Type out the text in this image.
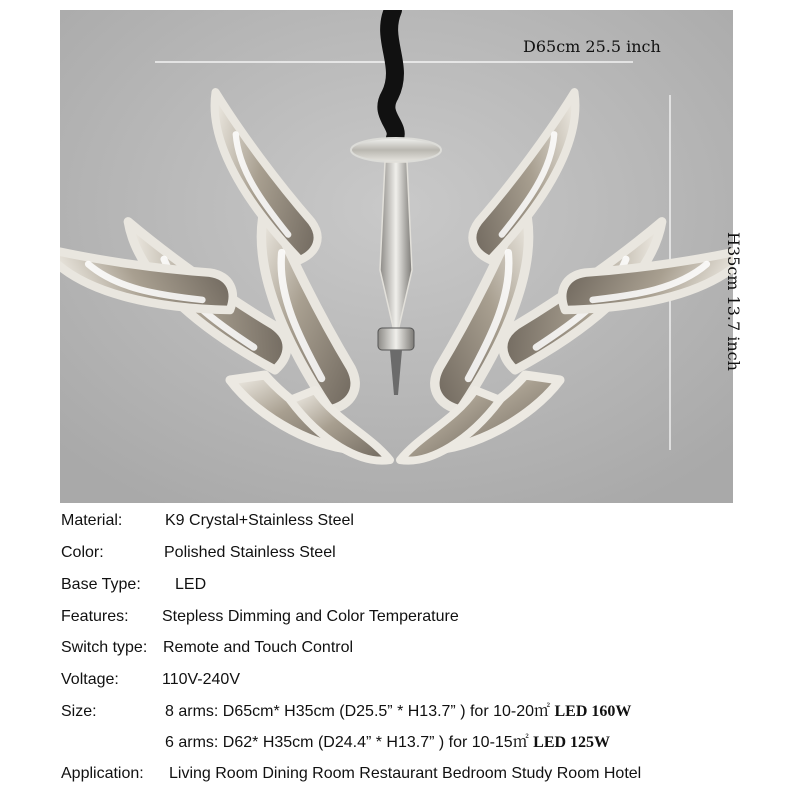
D65cm 25.5 inch
H35cm 13.7 inch
Material:	K9 Crystal+Stainless Steel
Color:	Polished Stainless Steel
Base Type: LED
Features: Stepless Dimming and Color Temperature
Switch type: Remote and Touch Control
Voltage:	110V-240V
Size:	8 arms: D65cm* H35cm (D25.5” * H13.7” ) for 10-20㎡ LED 160W
6 arms: D62* H35cm (D24.4” * H13.7” ) for 10-15㎡ LED 125W
Application: Living Room Dining Room Restaurant Bedroom Study Room Hotel
